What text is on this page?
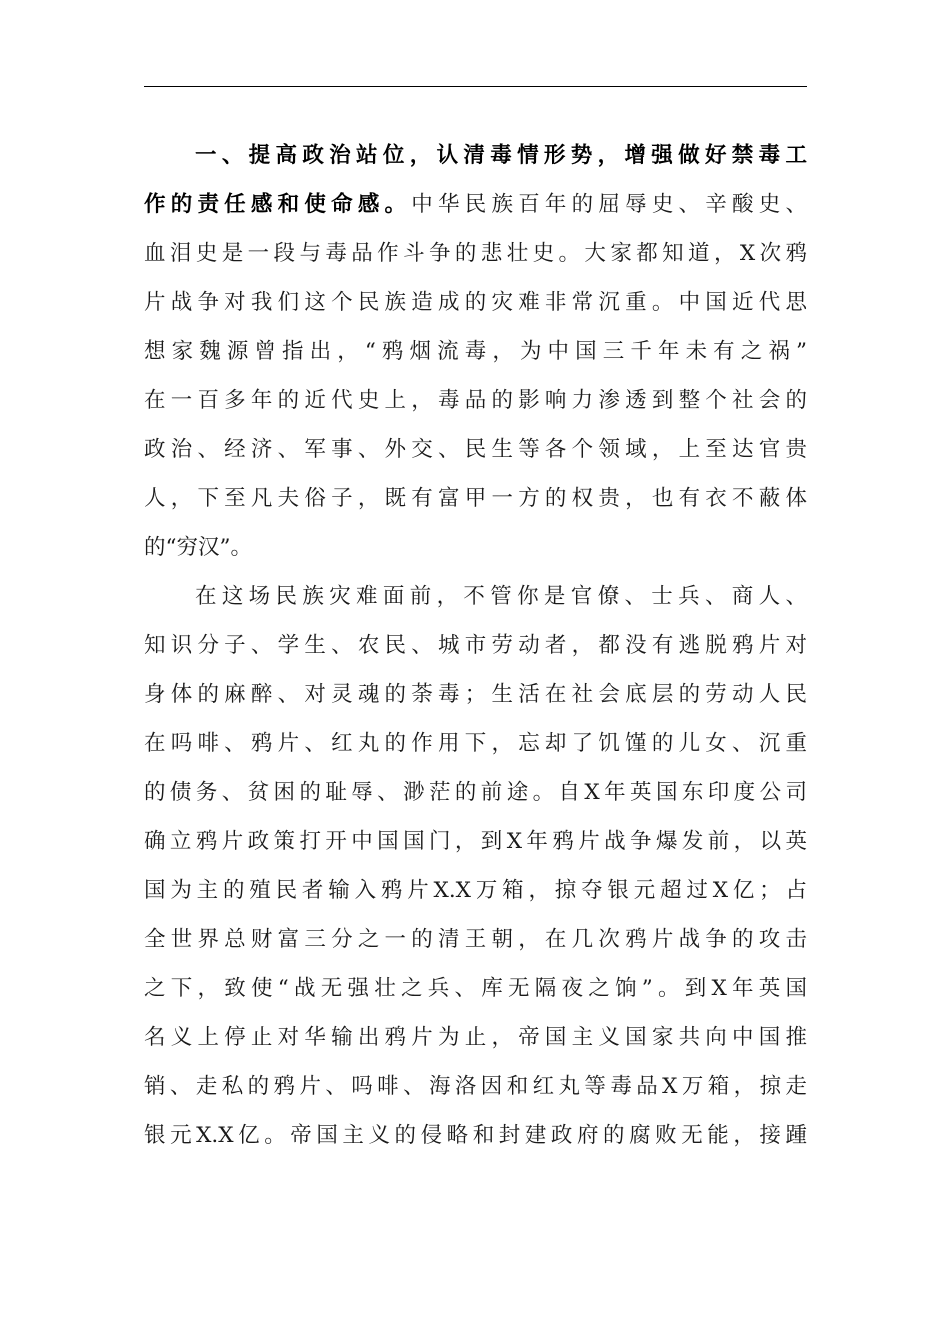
一、提高政治站位，认清毒情形势，增强做好禁毒工
作的责任感和使命感。中华民族百年的屈辱史、辛酸史、
血泪史是一段与毒品作斗争的悲壮史。大家都知道，X次鸦
片战争对我们这个民族造成的灾难非常沉重。中国近代思
想家魏源曾指出，“鸦烟流毒，为中国三千年未有之祸”
在一百多年的近代史上，毒品的影响力渗透到整个社会的
政治、经济、军事、外交、民生等各个领域，上至达官贵
人，下至凡夫俗子，既有富甲一方的权贵，也有衣不蔽体
的“穷汉”。
在这场民族灾难面前，不管你是官僚、士兵、商人、
知识分子、学生、农民、城市劳动者，都没有逃脱鸦片对
身体的麻醉、对灵魂的荼毒；生活在社会底层的劳动人民
在吗啡、鸦片、红丸的作用下，忘却了饥馑的儿女、沉重
的债务、贫困的耻辱、渺茫的前途。自X年英国东印度公司
确立鸦片政策打开中国国门，到X年鸦片战争爆发前，以英
国为主的殖民者输入鸦片X.X万箱，掠夺银元超过X亿；占
全世界总财富三分之一的清王朝，在几次鸦片战争的攻击
之下，致使“战无强壮之兵、库无隔夜之饷”。到X年英国
名义上停止对华输出鸦片为止，帝国主义国家共向中国推
销、走私的鸦片、吗啡、海洛因和红丸等毒品X万箱，掠走
银元X.X亿。帝国主义的侵略和封建政府的腐败无能，接踵
